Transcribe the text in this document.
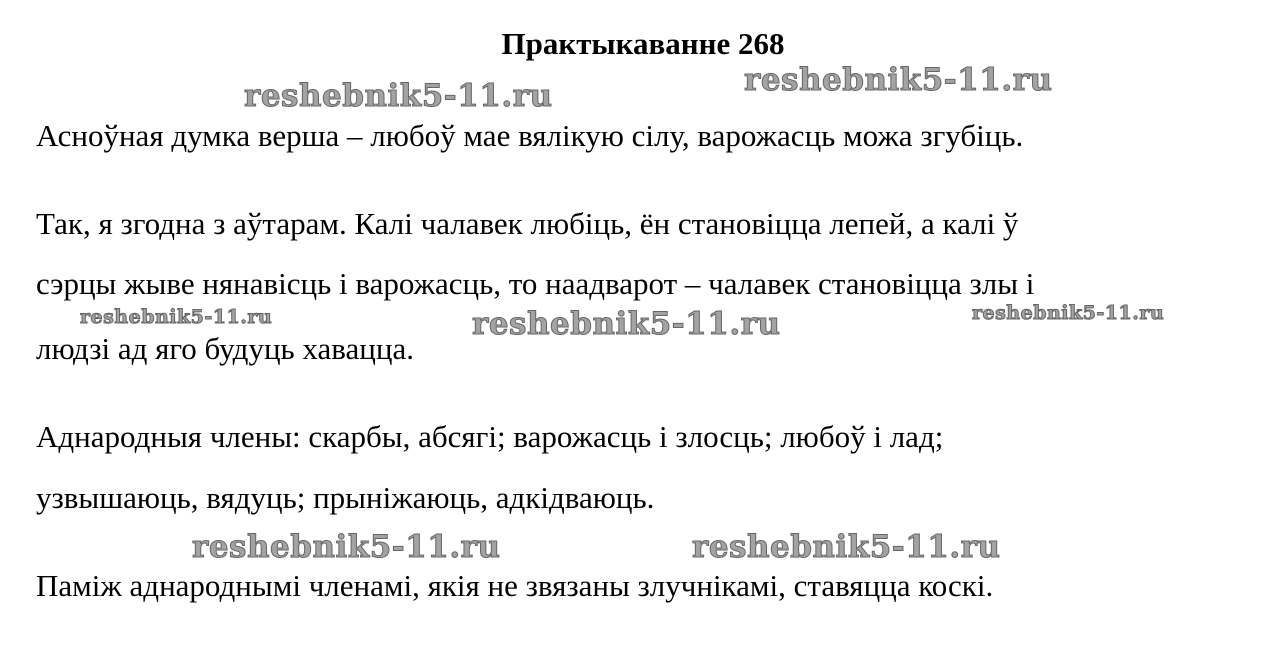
Практыкаванне 268

Асноўная думка верша – любоў мае вялікую сілу, варожасць можа згубіць.

Так, я згодна з аўтарам. Калі чалавек любіць, ён становіцца лепей, а калі ў

сэрцы жыве нянавісць і варожасць, то наадварот – чалавек становіцца злы і

людзі ад яго будуць хавацца.

Аднародныя члены: скарбы, абсягі; варожасць і злосць; любоў і лад;

узвышаюць, вядуць; прыніжаюць, адкідваюць.

Паміж аднароднымі членамі, якія не звязаны злучнікамі, ставяцца коскі.

reshebnik5-11.ru	reshebnik5-11.ru
reshebnik5-11.ru	reshebnik5-11.ru	reshebnik5-11.ru
reshebnik5-11.ru	reshebnik5-11.ru
